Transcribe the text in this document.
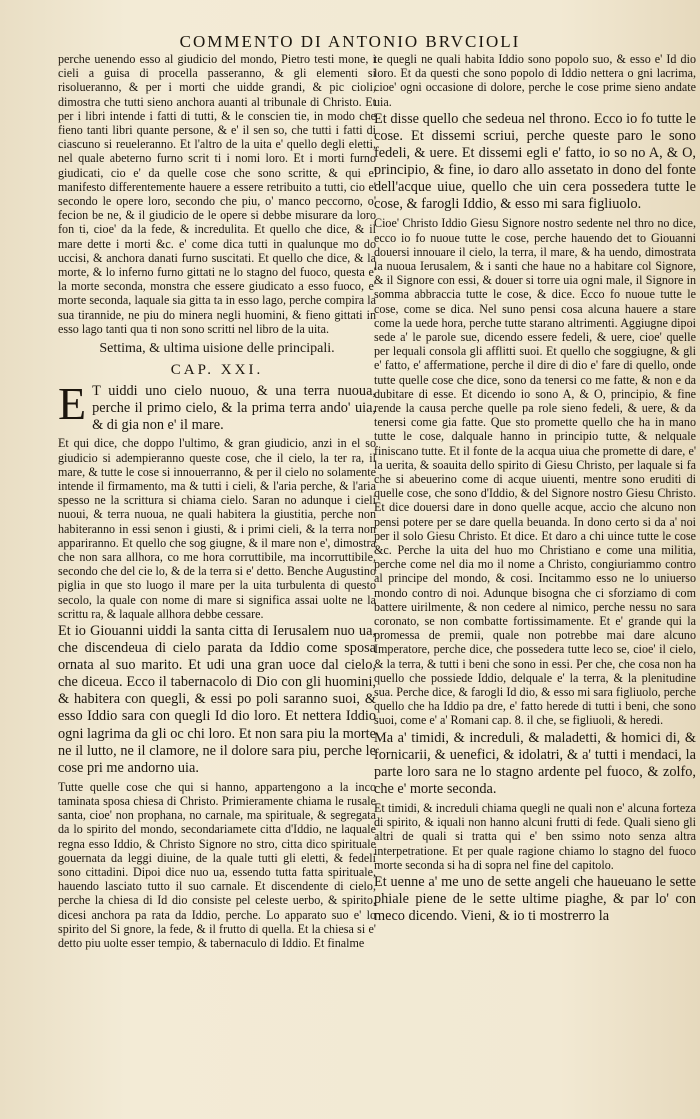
COMMENTO DI ANTONIO BRVCIOLI

perche uenendo esso al giudicio del mondo, Pietro testi mone, i cieli a guisa di procella passeranno, & gli elementi si risolueranno, & per i morti che uidde grandi, & pic cioli, dimostra che tutti sieno anchora auanti al tribunale di Christo. Et per i libri intende i fatti di tutti, & le conscien tie, in modo che fieno tanti libri quante persone, & e' il sen so, che tutti i fatti di ciascuno si reueleranno. Et l'altro de la uita e' quello degli eletti, nel quale abeterno furno scrit ti i nomi loro. Et i morti furno giudicati, cio e' da quelle cose che sono scritte, & qui e' manifesto differentemente hauere a essere retribuito a tutti, cio e' secondo le opere loro, secondo che piu, o' manco peccorno, o' fecion be ne, & il giudicio de le opere si debbe misurare da loro fon ti, cioe' da la fede, & incredulita. Et quello che dice, & il mare dette i morti &c. e' come dica tutti in qualunque mo do uccisi, & anchora danati furno suscitati. Et quello che dice, & la morte, & lo inferno furno gittati ne lo stagno del fuoco, questa e' la morte seconda, monstra che essere giudicato a esso fuoco, e' morte seconda, laquale sia gitta ta in esso lago, perche compira la sua tirannide, ne piu do minera negli huomini, & fieno gittati in esso lago tanti qua ti non sono scritti nel libro de la uita.

Settima, & ultima uisione delle principali.
CAP. XXI.

E T uiddi uno cielo nuouo, & una terra nuoua, perche il primo cielo, & la prima terra ando' uia, & di gia non e' il mare.

Et qui dice, che doppo l'ultimo, & gran giudicio, anzi in el so giudicio si adempieranno queste cose, che il cielo, la ter ra, il mare, & tutte le cose si innouerranno, & per il cielo no solamente intende il firmamento, ma & tutti i cieli, & l'aria perche, & l'aria spesso ne la scrittura si chiama cielo. Saran no adunque i cieli nuoui, & terra nuoua, ne quali habitera la giustitia, perche non habiteranno in essi senon i giusti, & i primi cieli, & la terra non appariranno. Et quello che sog giugne, & il mare non e', dimostra che non sara allhora, co me hora corruttibile, ma incorruttibile, secondo che del cie lo, & de la terra si e' detto. Benche Augustino piglia in que sto luogo il mare per la uita turbulenta di questo secolo, la quale con nome di mare si significa assai uolte ne la scrittu ra, & laquale allhora debbe cessare.

Et io Giouanni uiddi la santa citta di Ierusalem nuo ua, che discendeua di cielo parata da Iddio come sposa ornata al suo marito. Et udi una gran uoce dal cielo, che diceua. Ecco il tabernacolo di Dio con gli huomini, & habitera con quegli, & essi po poli saranno suoi, & esso Iddio sara con quegli Id dio loro. Et nettera Iddio ogni lagrima da gli oc chi loro. Et non sara piu la morte ne il lutto, ne il clamore, ne il dolore sara piu, perche le cose pri me andorno uia.

Tutte quelle cose che qui si hanno, appartengono a la inco taminata sposa chiesa di Christo. Primieramente chiama le rusale santa, cioe' non prophana, no carnale, ma spirituale, & segregata da lo spirito del mondo, secondariamete citta d'Iddio, ne laquale regna esso Iddio, & Christo Signore no stro, citta dico spirituale gouernata da leggi diuine, de la quale tutti gli eletti, & fedeli sono cittadini. Dipoi dice nuo ua, essendo tutta fatta spirituale, hauendo lasciato tutto il suo carnale. Et discendente di cielo, perche la chiesa di Id dio consiste pel celeste uerbo, & spirito, dicesi anchora pa rata da Iddio, perche. Lo apparato suo e' lo spirito del Si gnore, la fede, & il frutto di quella. Et la chiesa si e' detto piu uolte esser tempio, & tabernaculo di Iddio. Et finalme

te quegli ne quali habita Iddio sono popolo suo, & esso e' Id dio loro. Et da questi che sono popolo di Iddio nettera o gni lacrima, cioe' ogni occasione di dolore, perche le cose prime sieno andate uia.

Et disse quello che sedeua nel throno. Ecco io fo tutte le cose. Et dissemi scriui, perche queste paro le sono fedeli, & uere. Et dissemi egli e' fatto, io so no A, & O, principio, & fine, io daro allo assetato in dono del fonte dell'acque uiue, quello che uin cera possedera tutte le cose, & farogli Iddio, & esso mi sara figliuolo.

Cioe' Christo Iddio Giesu Signore nostro sedente nel thro no dice, ecco io fo nuoue tutte le cose, perche hauendo det to Giouanni douersi innouare il cielo, la terra, il mare, & ha uendo, dimostrata la nuoua Ierusalem, & i santi che haue no a habitare col Signore, & il Signore con essi, & douer si torre uia ogni male, il Signore in somma abbraccia tutte le cose, & dice. Ecco fo nuoue tutte le cose, come se dica. Nel suno pensi cosa alcuna hauere a stare come la uede hora, perche tutte starano altrimenti. Aggiugne dipoi sede a' le parole sue, dicendo essere fedeli, & uere, cioe' quelle per lequali consola gli afflitti suoi. Et quello che soggiugne, & gli e' fatto, e' affermatione, perche il dire di dio e' fare di quello, onde tutte quelle cose che dice, sono da tenersi co me fatte, & non e da dubitare di esse. Et dicendo io sono A, & O, principio, & fine rende la causa perche quelle pa role sieno fedeli, & uere, & da tenersi come gia fatte. Que sto promette quello che ha in mano tutte le cose, dalquale hanno in principio tutte, & nelquale finiscano tutte. Et il fonte de la acqua uiua che promette di dare, e' la uerita, & soauita dello spirito di Giesu Christo, per laquale si fa che si abeuerino come di acque uiuenti, mentre sono eruditi di quelle cose, che sono d'Iddio, & del Signore nostro Giesu Christo. Et dice douersi dare in dono quelle acque, accio che alcuno non pensi potere per se dare quella beuanda. In dono certo si da a' noi per il solo Giesu Christo. Et dice. Et daro a chi uince tutte le cose &c. Perche la uita del huo mo Christiano e come una militia, perche come nel dia mo il nome a Christo, congiuriammo contro al principe del mondo, & cosi. Incitammo esso ne lo uniuerso mondo contro di noi. Adunque bisogna che ci sforziamo di com battere uirilmente, & non cedere al nimico, perche nessu no sara coronato, se non combatte fortissimamente. Et e' grande qui la promessa de premii, quale non potrebbe mai dare alcuno Imperatore, perche dice, che possedera tutte leco se, cioe' il cielo, & la terra, & tutti i beni che sono in essi. Per che, che cosa non ha quello che possiede Iddio, delquale e' la terra, & la plenitudine sua. Perche dice, & farogli Id dio, & esso mi sara figliuolo, perche quello che ha Iddio pa dre, e' fatto herede di tutti i beni, che sono suoi, come e' a' Romani cap. 8. il che, se figliuoli, & heredi.

Ma a' timidi, & increduli, & maladetti, & homici di, & fornicarii, & uenefici, & idolatri, & a' tutti i mendaci, la parte loro sara ne lo stagno ardente pel fuoco, & zolfo, che e' morte seconda.

Et timidi, & increduli chiama quegli ne quali non e' alcuna forteza di spirito, & iquali non hanno alcuni frutti di fede. Quali sieno gli altri de quali si tratta qui e' ben ssimo noto senza altra interpetratione. Et per quale ragione chiamo lo stagno del fuoco morte seconda si ha di sopra nel fine del capitolo.

Et uenne a' me uno de sette angeli che haueuano le sette phiale piene de le sette ultime piaghe, & par lo' con meco dicendo. Vieni, & io ti mostrerro la
